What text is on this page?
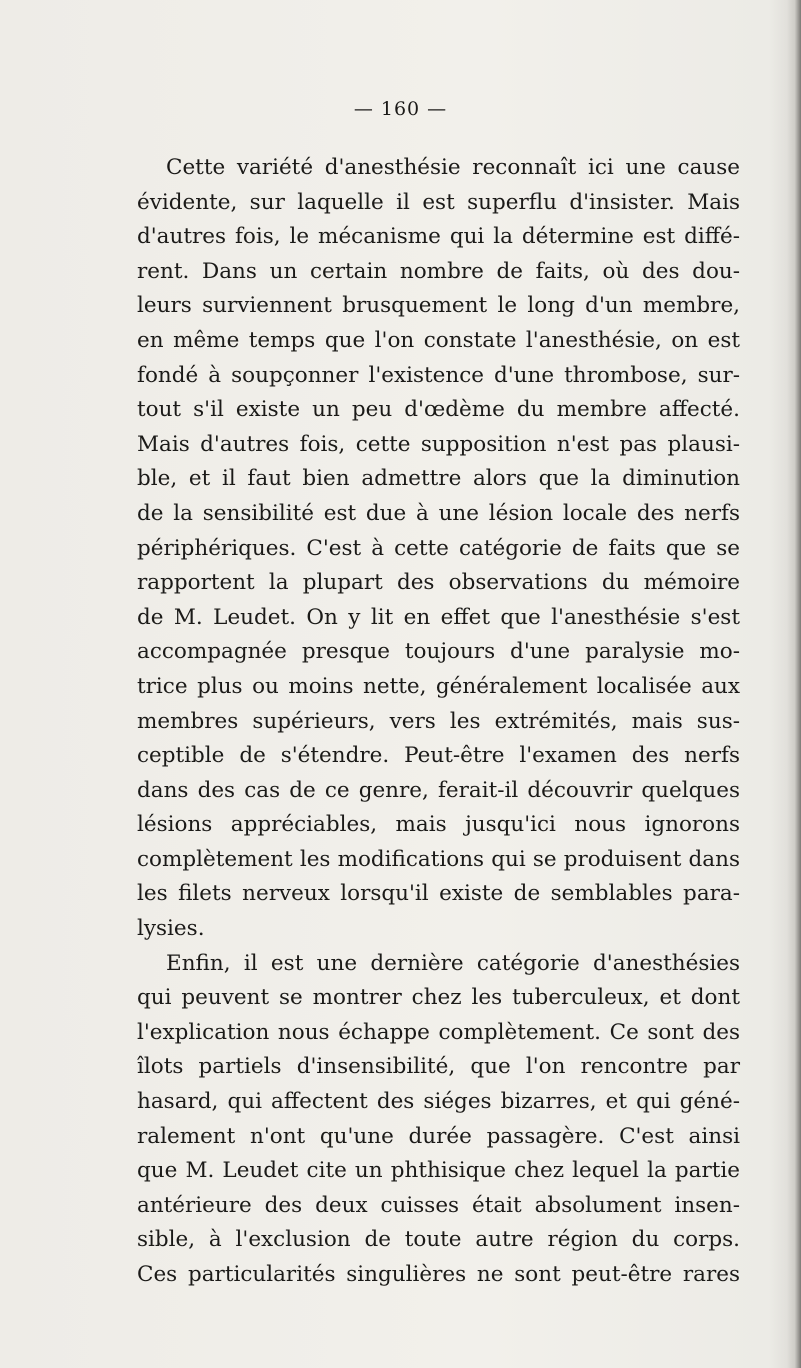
— 160 —
Cette variété d'anesthésie reconnaît ici une cause
évidente, sur laquelle il est superflu d'insister. Mais
d'autres fois, le mécanisme qui la détermine est diffé-
rent. Dans un certain nombre de faits, où des dou-
leurs surviennent brusquement le long d'un membre,
en même temps que l'on constate l'anesthésie, on est
fondé à soupçonner l'existence d'une thrombose, sur-
tout s'il existe un peu d'œdème du membre affecté.
Mais d'autres fois, cette supposition n'est pas plausi-
ble, et il faut bien admettre alors que la diminution
de la sensibilité est due à une lésion locale des nerfs
périphériques. C'est à cette catégorie de faits que se
rapportent la plupart des observations du mémoire
de M. Leudet. On y lit en effet que l'anesthésie s'est
accompagnée presque toujours d'une paralysie mo-
trice plus ou moins nette, généralement localisée aux
membres supérieurs, vers les extrémités, mais sus-
ceptible de s'étendre. Peut-être l'examen des nerfs
dans des cas de ce genre, ferait-il découvrir quelques
lésions appréciables, mais jusqu'ici nous ignorons
complètement les modifications qui se produisent dans
les filets nerveux lorsqu'il existe de semblables para-
lysies.
Enfin, il est une dernière catégorie d'anesthésies
qui peuvent se montrer chez les tuberculeux, et dont
l'explication nous échappe complètement. Ce sont des
îlots partiels d'insensibilité, que l'on rencontre par
hasard, qui affectent des siéges bizarres, et qui géné-
ralement n'ont qu'une durée passagère. C'est ainsi
que M. Leudet cite un phthisique chez lequel la partie
antérieure des deux cuisses était absolument insen-
sible, à l'exclusion de toute autre région du corps.
Ces particularités singulières ne sont peut-être rares
